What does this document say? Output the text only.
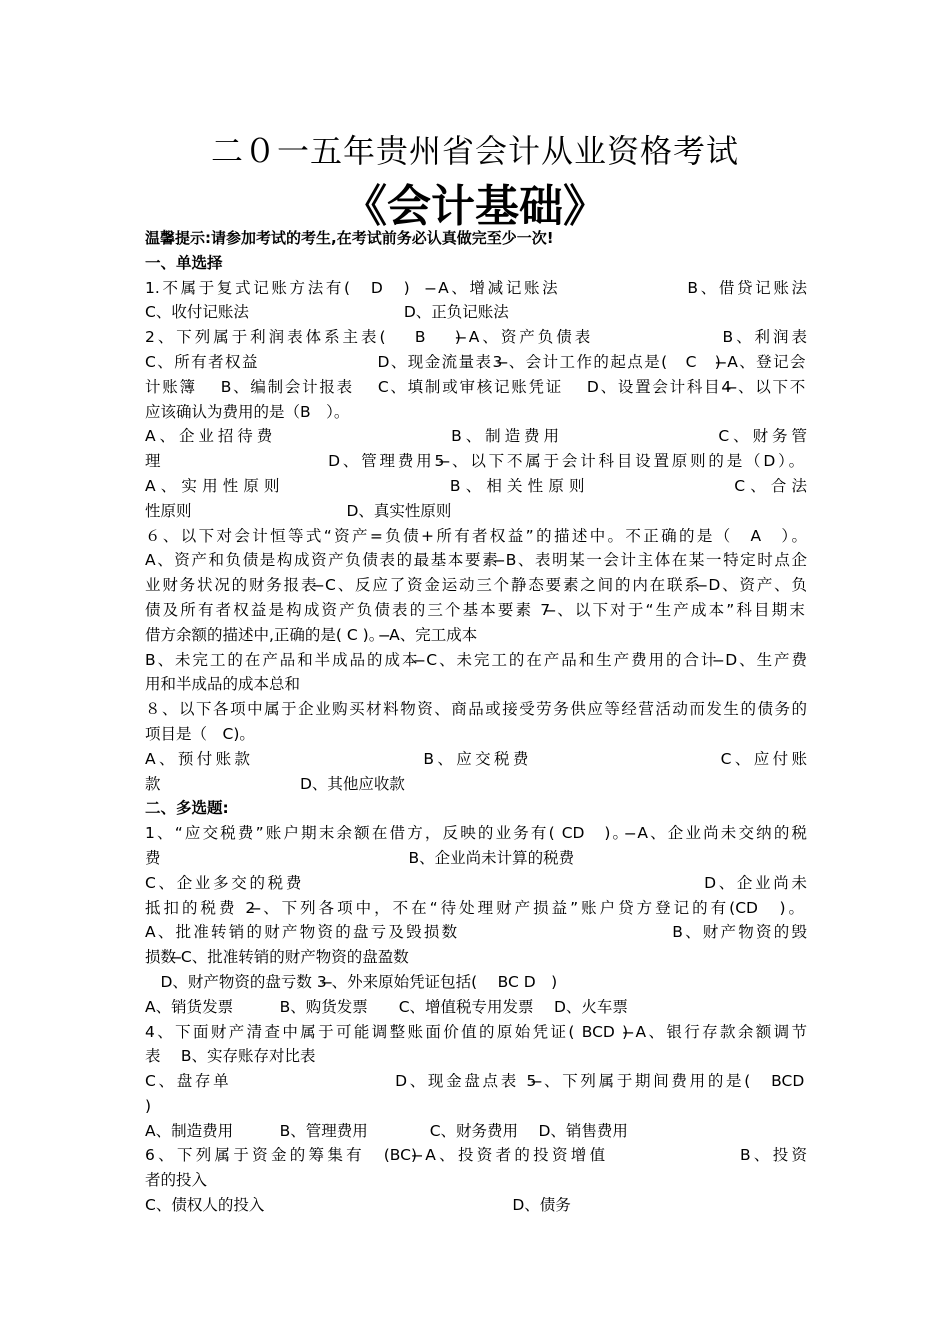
二０一五年贵州省会计从业资格考试
《会计基础》
温馨提示:请参加考试的考生,在考试前务必认真做完至少一次!
一、单选择
1.不属于复式记账方法有(　D　)　 ̶A、增减记账法　　　　　　　B、借贷记账法
C、收付记账法　　　　　　　　　　D、正负记账法
2、下列属于利润表体系主表(　 B　 ) ̶A、资产负债表　　　　　　　B、利润表
C、所有者权益　　　　　　　D、现金流量表3 ̶、会计工作的起点是(　C　) ̶A、登记会
计账簿　 B、编制会计报表　 C、填制或审核记账凭证　 D、设置会计科目4 ̶、以下不
应该确认为费用的是（B　）。
A、企业招待费　　　　　　　　　B、制造费用　　　　　　　　C、财务管
理　　　　　　　　　D、管理费用5 ̶、以下不属于会计科目设置原则的是（D）。
̶A、实用性原则　　　　　　　　B、相关性原则　　　　　　　C、合法
性原则　　　　　　　　　　D、真实性原则
６、以下对会计恒等式“资产=负债+所有者权益”的描述中。不正确的是（　A　）。
A、资产和负债是构成资产负债表的最基本要素 ̶B、表明某一会计主体在某一特定时点企
业财务状况的财务报表 ̶C、反应了资金运动三个静态要素之间的内在联系 ̶D、资产、负
债及所有者权益是构成资产负债表的三个基本要素 7 ̶、以下对于“生产成本”科目期末
借方余额的描述中,正确的是( C )。 ̶A、完工成本
B、未完工的在产品和半成品的成本 ̶C、未完工的在产品和生产费用的合计 ̶D、生产费
用和半成品的成本总和
８、以下各项中属于企业购买材料物资、商品或接受劳务供应等经营活动而发生的债务的
项目是（　C)。
A、预付账款　　　　　　　　　B、应交税费　　　　　　　　　　C、应付账
款　　　　　　　　　D、其他应收款
二、多选题:
1、“应交税费”账户期末余额在借方，反映的业务有( CD　)。 ̶A、企业尚未交纳的税
费　　　　　　　　　　　　　　　　B、企业尚未计算的税费
C、企业多交的税费　　　　　　　　　　　　　　　　　　　　　　D、企业尚未
抵扣的税费 2 ̶、下列各项中，不在“待处理财产损益”账户贷方登记的有(CD　)。
̶A、批准转销的财产物资的盘亏及毁损数　　　　　　　　　　　　B、财产物资的毁
损数 ̶C、批准转销的财产物资的盘盈数
　D、财产物资的盘亏数 3 ̶、外来原始凭证包括(　 BC D　)
A、销货发票　　　B、购货发票　　C、增值税专用发票　 D、火车票
4、下面财产清查中属于可能调整账面价值的原始凭证( BCD ) ̶A、银行存款余额调节
表　 B、实存账存对比表
C、盘存单　　　　　　　　　D、现金盘点表 5 ̶、下列属于期间费用的是(　BCD
)
A、制造费用　　　B、管理费用　　　　C、财务费用　 D、销售费用
6、下列属于资金的筹集有　(BC) ̶A、投资者的投资增值　　　　　　　B、投资
者的投入
C、债权人的投入　　　　　　　　　　　　　　　　D、债务
